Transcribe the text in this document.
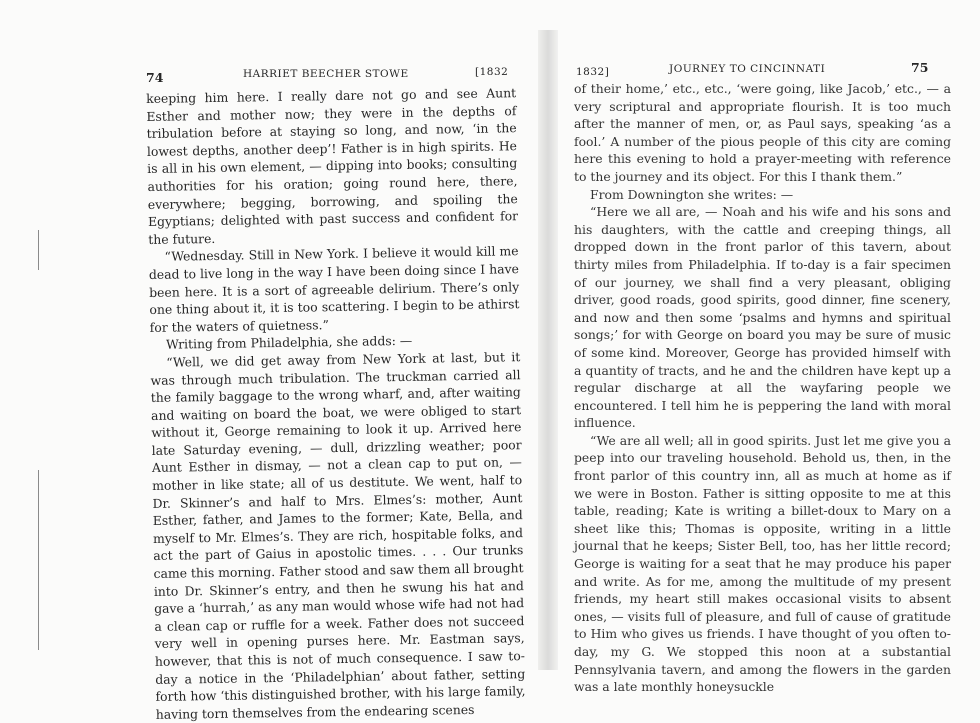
74	HARRIET BEECHER STOWE	[1832

keeping him here. I really dare not go and see Aunt Esther and mother now; they were in the depths of tribulation before at staying so long, and now, ‘in the lowest depths, another deep’! Father is in high spirits. He is all in his own element, — dipping into books; consulting authorities for his oration; going round here, there, everywhere; begging, borrowing, and spoiling the Egyptians; delighted with past success and confident for the future.

“Wednesday. Still in New York. I believe it would kill me dead to live long in the way I have been doing since I have been here. It is a sort of agreeable delirium. There’s only one thing about it, it is too scattering. I begin to be athirst for the waters of quietness.”

Writing from Philadelphia, she adds: —

“Well, we did get away from New York at last, but it was through much tribulation. The truckman carried all the family baggage to the wrong wharf, and, after waiting and waiting on board the boat, we were obliged to start without it, George remaining to look it up. Arrived here late Saturday evening, — dull, drizzling weather; poor Aunt Esther in dismay, — not a clean cap to put on, — mother in like state; all of us destitute. We went, half to Dr. Skinner’s and half to Mrs. Elmes’s: mother, Aunt Esther, father, and James to the former; Kate, Bella, and myself to Mr. Elmes’s. They are rich, hospitable folks, and act the part of Gaius in apostolic times. . . . Our trunks came this morning. Father stood and saw them all brought into Dr. Skinner’s entry, and then he swung his hat and gave a ‘hurrah,’ as any man would whose wife had not had a clean cap or ruffle for a week. Father does not succeed very well in opening purses here. Mr. Eastman says, however, that this is not of much consequence. I saw to-day a notice in the ‘Philadelphian’ about father, setting forth how ‘this distinguished brother, with his large family, having torn themselves from the endearing scenes

1832]	JOURNEY TO CINCINNATI	75

of their home,’ etc., etc., ‘were going, like Jacob,’ etc., — a very scriptural and appropriate flourish. It is too much after the manner of men, or, as Paul says, speaking ‘as a fool.’ A number of the pious people of this city are coming here this evening to hold a prayer-meeting with reference to the journey and its object. For this I thank them.”

From Downington she writes: —

“Here we all are, — Noah and his wife and his sons and his daughters, with the cattle and creeping things, all dropped down in the front parlor of this tavern, about thirty miles from Philadelphia. If to-day is a fair specimen of our journey, we shall find a very pleasant, obliging driver, good roads, good spirits, good dinner, fine scenery, and now and then some ‘psalms and hymns and spiritual songs;’ for with George on board you may be sure of music of some kind. Moreover, George has provided himself with a quantity of tracts, and he and the children have kept up a regular discharge at all the wayfaring people we encountered. I tell him he is peppering the land with moral influence.

“We are all well; all in good spirits. Just let me give you a peep into our traveling household. Behold us, then, in the front parlor of this country inn, all as much at home as if we were in Boston. Father is sitting opposite to me at this table, reading; Kate is writing a billet-doux to Mary on a sheet like this; Thomas is opposite, writing in a little journal that he keeps; Sister Bell, too, has her little record; George is waiting for a seat that he may produce his paper and write. As for me, among the multitude of my present friends, my heart still makes occasional visits to absent ones, — visits full of pleasure, and full of cause of gratitude to Him who gives us friends. I have thought of you often to-day, my G. We stopped this noon at a substantial Pennsylvania tavern, and among the flowers in the garden was a late monthly honeysuckle
